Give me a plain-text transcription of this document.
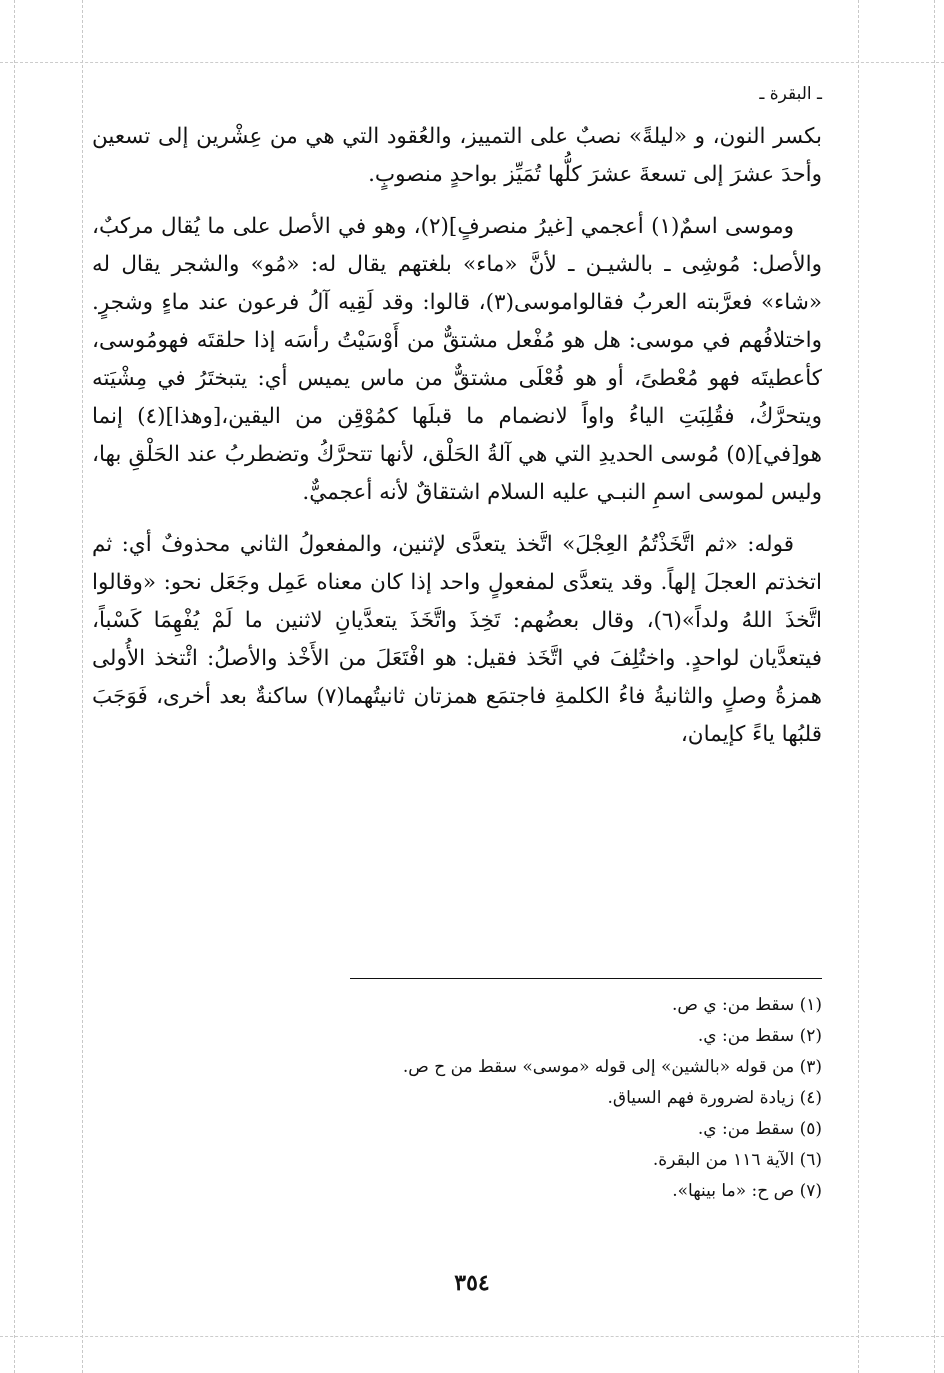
ـ البقرة ـ

بكسر النون، و «ليلةً» نصبٌ على التمييز، والعُقود التي هي من عِشْرين إلى تسعين وأحدَ عشرَ إلى تسعةَ عشرَ كلُّها تُمَيِّز بواحدٍ منصوبٍ.

وموسى اسمٌ(١) أعجمي [غيرُ منصرفٍ](٢)، وهو في الأصل على ما يُقال مركبٌ، والأصل: مُوشِى ـ بالشيـن ـ لأنَّ «ماء» بلغتهم يقال له: «مُو» والشجر يقال له «شاء» فعرَّبته العربُ فقالواموسى(٣)، قالوا: وقد لَقِيه آلُ فرعون عند ماءٍ وشجرٍ. واختلافُهم في موسى: هل هو مُفْعل مشتقٌّ من أَوْسَيْتُ رأسَه إذا حلقتَه فهومُوسى، كأعطيتَه فهو مُعْطىً، أو هو فُعْلَى مشتقٌّ من ماس يميس أي: يتبختَرُ في مِشْيَته ويتحرَّكُ، فقُلِبَتِ الياءُ واواً لانضمام ما قبلَها كمُوْقِن من اليقين،[وهذا](٤) إنما هو[في](٥) مُوسى الحديدِ التي هي آلةُ الحَلْق، لأنها تتحرَّكُ وتضطربُ عند الحَلْقِ بها، وليس لموسى اسمِ النبـي عليه السلام اشتقاقٌ لأنه أعجميٌّ.

قوله: «ثم اتَّخَذْتُمُ العِجْلَ» اتَّخذ يتعدَّى لإثنين، والمفعولُ الثاني محذوفٌ أي: ثم اتخذتم العجلَ إلهاً. وقد يتعدَّى لمفعولٍ واحد إذا كان معناه عَمِل وجَعَل نحو: «وقالوا اتَّخذَ اللهُ ولداً»(٦)، وقال بعضُهم: تَخِذَ واتَّخَذَ يتعدَّيانِ لاثنين ما لَمْ يُفْهِمَا كَسْباً، فيتعدَّيان لواحدٍ. واختُلِفَ في اتَّخَذ فقيل: هو افْتَعَلَ من الأَخْذ والأصلُ: ائْتخذ الأُولى همزةُ وصلٍ والثانيةُ فاءُ الكلمةِ فاجتمَع همزتان ثانيتُهما(٧) ساكنةٌ بعد أخرى، فَوَجَبَ قلبُها ياءً كإيمان،

(١) سقط من: ي ص.
(٢) سقط من: ي.
(٣) من قوله «بالشين» إلى قوله «موسى» سقط من ح ص.
(٤) زيادة لضرورة فهم السياق.
(٥) سقط من: ي.
(٦) الآية ١١٦ من البقرة.
(٧) ص ح: «ما بينها».
٣٥٤
